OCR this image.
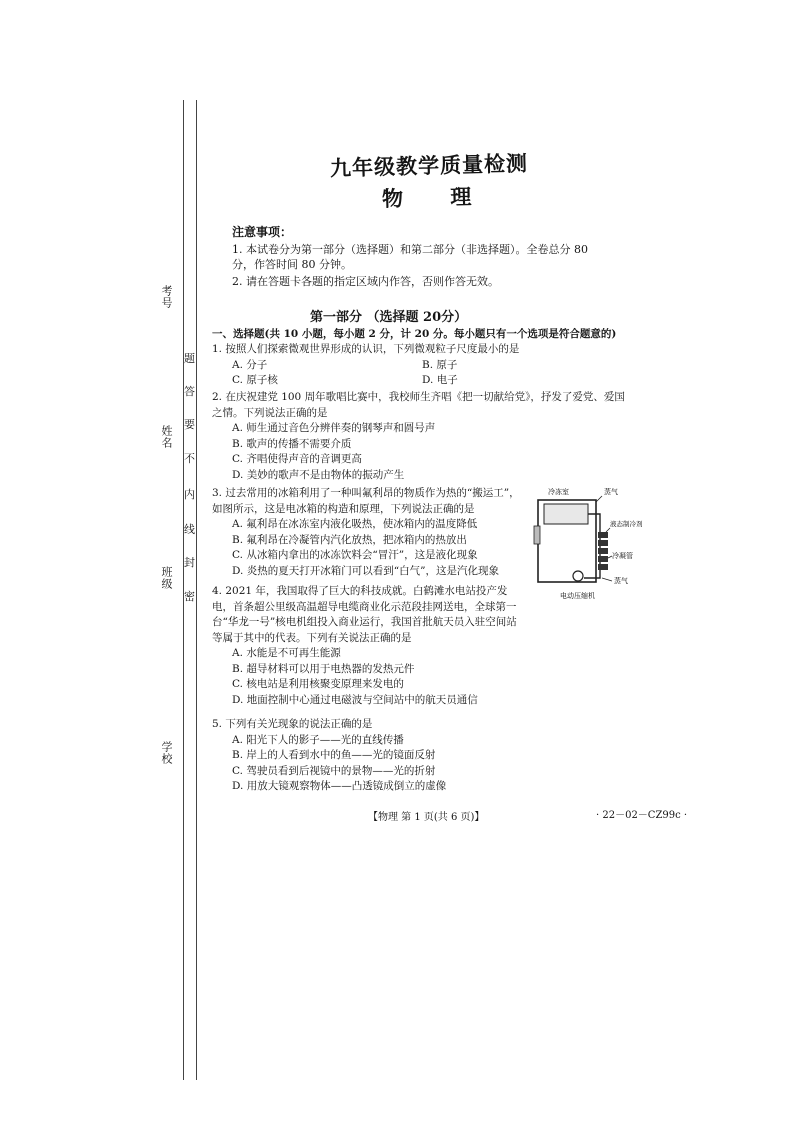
考号
姓名
班级
学校
题
答
要
不
内
线
封
密
九年级教学质量检测
物 理
注意事项：

1. 本试卷分为第一部分（选择题）和第二部分（非选择题）。全卷总分 80 分，作答时间 80 分钟。

2. 请在答题卡各题的指定区域内作答，否则作答无效。

第一部分 （选择题 20分）
一、选择题(共 10 小题，每小题 2 分，计 20 分。每小题只有一个选项是符合题意的)

1. 按照人们探索微观世界形成的认识，下列微观粒子尺度最小的是

A. 分子	B. 原子
C. 原子核	D. 电子

2. 在庆祝建党 100 周年歌唱比赛中，我校师生齐唱《把一切献给党》，抒发了爱党、爱国之情。下列说法正确的是

A. 师生通过音色分辨伴奏的钢琴声和圆号声

B. 歌声的传播不需要介质

C. 齐唱使得声音的音调更高

D. 美妙的歌声不是由物体的振动产生

3. 过去常用的冰箱利用了一种叫氟利昂的物质作为热的“搬运工”，如图所示，这是电冰箱的构造和原理，下列说法正确的是

A. 氟利昂在冰冻室内液化吸热，使冰箱内的温度降低

B. 氟利昂在冷凝管内汽化放热，把冰箱内的热放出

C. 从冰箱内拿出的冰冻饮料会“冒汗”，这是液化现象

D. 炎热的夏天打开冰箱门可以看到“白气”，这是汽化现象

冷冻室	蒸气
液态制冷剂
冷凝管
蒸气
电动压缩机

4. 2021 年，我国取得了巨大的科技成就。白鹤滩水电站投产发电，首条超公里级高温超导电缆商业化示范段挂网送电，全球第一台“华龙一号”核电机组投入商业运行，我国首批航天员入驻空间站等属于其中的代表。下列有关说法正确的是

A. 水能是不可再生能源

B. 超导材料可以用于电热器的发热元件

C. 核电站是利用核聚变原理来发电的

D. 地面控制中心通过电磁波与空间站中的航天员通信

5. 下列有关光现象的说法正确的是

A. 阳光下人的影子——光的直线传播

B. 岸上的人看到水中的鱼——光的镜面反射

C. 驾驶员看到后视镜中的景物——光的折射

D. 用放大镜观察物体——凸透镜成倒立的虚像

【物理 第 1 页(共 6 页)】	· 22－02－CZ99c ·
